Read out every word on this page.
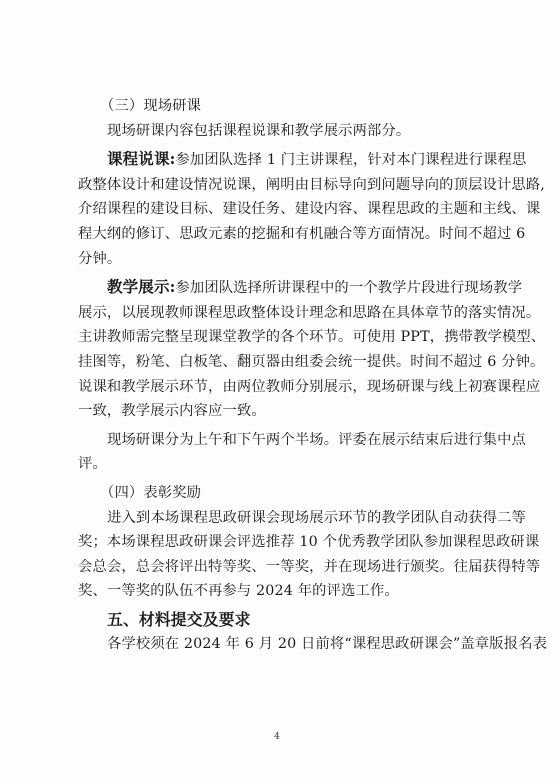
（三）现场研课
现场研课内容包括课程说课和教学展示两部分。
课程说课:参加团队选择 1 门主讲课程，针对本门课程进行课程思
政整体设计和建设情况说课，阐明由目标导向到问题导向的顶层设计思路,
介绍课程的建设目标、建设任务、建设内容、课程思政的主题和主线、课
程大纲的修订、思政元素的挖掘和有机融合等方面情况。时间不超过 6
分钟。
教学展示:参加团队选择所讲课程中的一个教学片段进行现场教学
展示，以展现教师课程思政整体设计理念和思路在具体章节的落实情况。
主讲教师需完整呈现课堂教学的各个环节。可使用 PPT，携带教学模型、
挂图等，粉笔、白板笔、翻页器由组委会统一提供。时间不超过 6 分钟。
说课和教学展示环节，由两位教师分别展示，现场研课与线上初赛课程应
一致，教学展示内容应一致。
现场研课分为上午和下午两个半场。评委在展示结束后进行集中点
评。
（四）表彰奖励
进入到本场课程思政研课会现场展示环节的教学团队自动获得二等
奖；本场课程思政研课会评选推荐 10 个优秀教学团队参加课程思政研课
会总会，总会将评出特等奖、一等奖，并在现场进行颁奖。往届获得特等
奖、一等奖的队伍不再参与 2024 年的评选工作。
五、材料提交及要求
各学校须在 2024 年 6 月 20 日前将“课程思政研课会”盖章版报名表
4
